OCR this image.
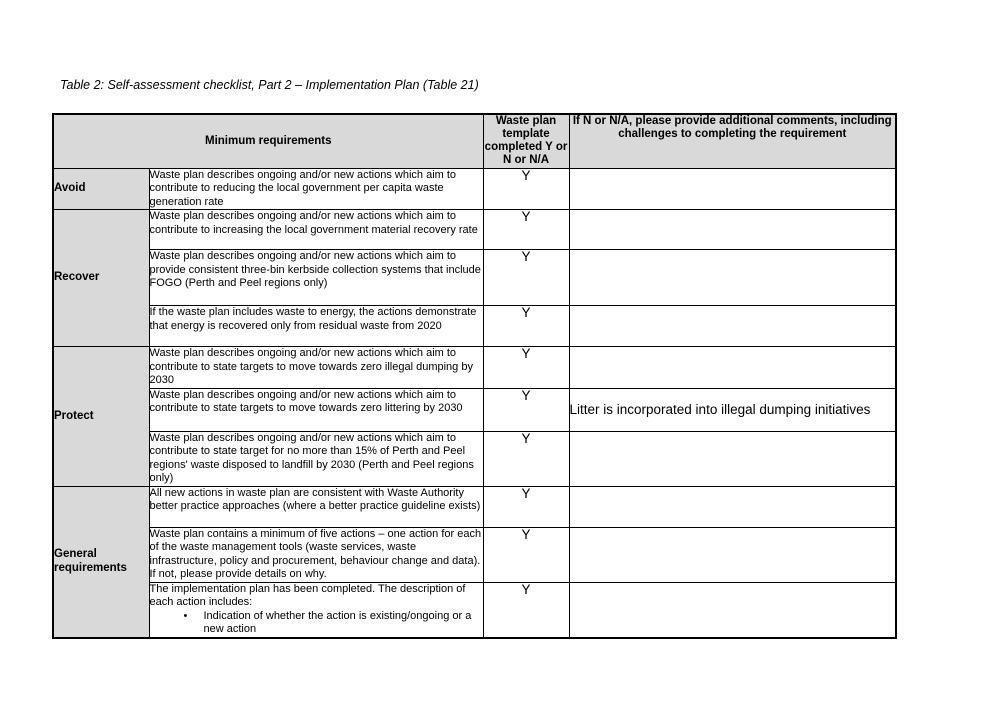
Table 2: Self-assessment checklist, Part 2 – Implementation Plan (Table 21)
Minimum requirements		Waste plan template completed Y or N or N/A	If N or N/A, please provide additional comments, including challenges to completing the requirement
Avoid	Waste plan describes ongoing and/or new actions which aim to contribute to reducing the local government per capita waste generation rate	Y	
Recover	Waste plan describes ongoing and/or new actions which aim to contribute to increasing the local government material recovery rate	Y	

	Waste plan describes ongoing and/or new actions which aim to provide consistent three-bin kerbside collection systems that include FOGO (Perth and Peel regions only)	Y	

	If the waste plan includes waste to energy, the actions demonstrate that energy is recovered only from residual waste from 2020	Y	
Protect	Waste plan describes ongoing and/or new actions which aim to contribute to state targets to move towards zero illegal dumping by 2030	Y	

	Waste plan describes ongoing and/or new actions which aim to contribute to state targets to move towards zero littering by 2030	Y	Litter is incorporated into illegal dumping initiatives

	Waste plan describes ongoing and/or new actions which aim to contribute to state target for no more than 15% of Perth and Peel regions' waste disposed to landfill by 2030 (Perth and Peel regions only)	Y	
General requirements	All new actions in waste plan are consistent with Waste Authority better practice approaches (where a better practice guideline exists)	Y	

	Waste plan contains a minimum of five actions – one action for each of the waste management tools (waste services, waste infrastructure, policy and procurement, behaviour change and data). If not, please provide details on why.	Y	

	The implementation plan has been completed. The description of each action includes:
• Indication of whether the action is existing/ongoing or a new action	Y	
